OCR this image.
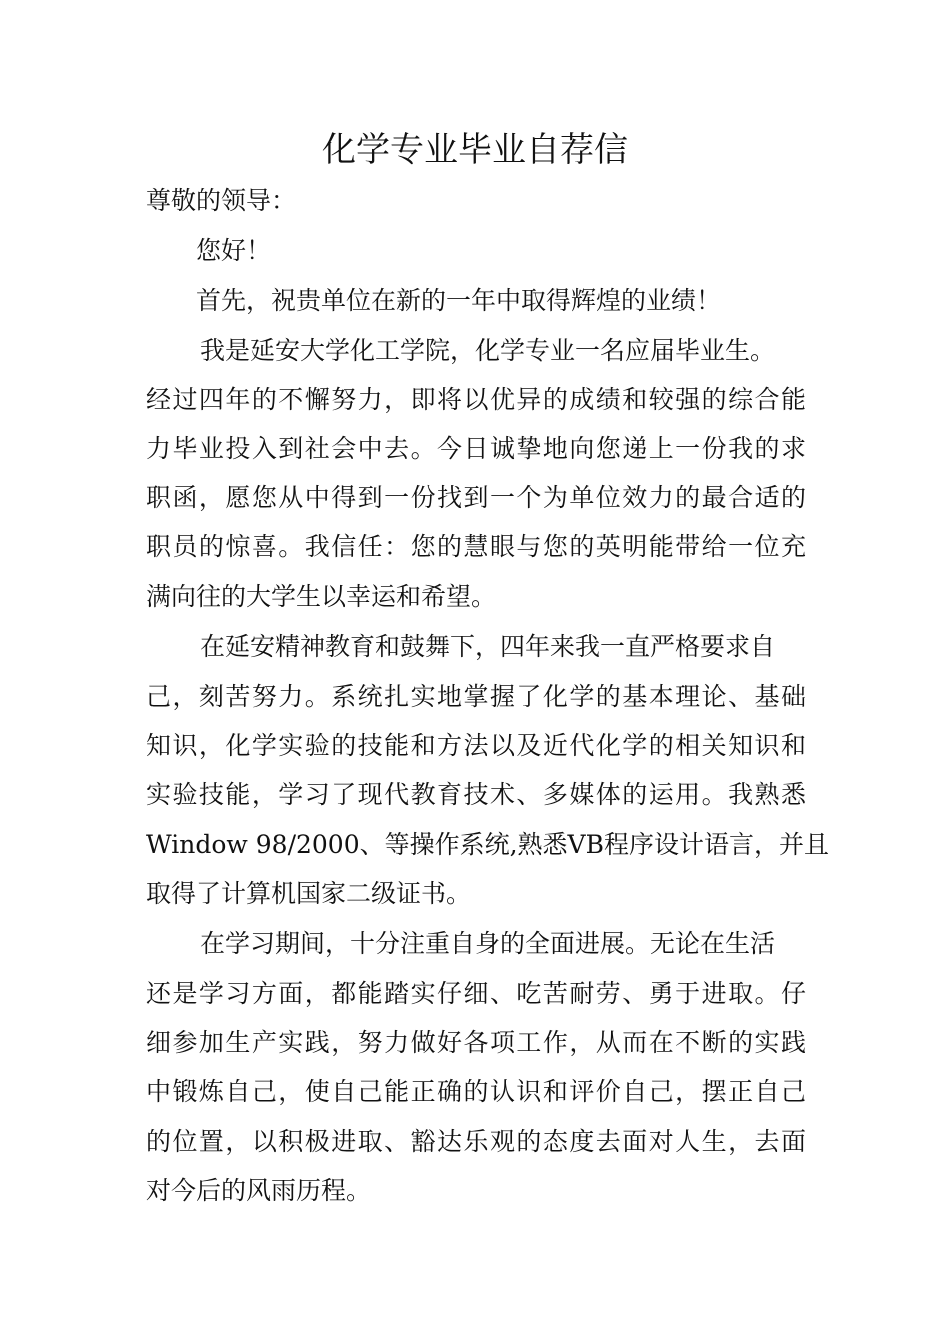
化学专业毕业自荐信

尊敬的领导：

您好！

首先，祝贵单位在新的一年中取得辉煌的业绩！

我是延安大学化工学院，化学专业一名应届毕业生。

经过四年的不懈努力，即将以优异的成绩和较强的综合能

力毕业投入到社会中去。今日诚挚地向您递上一份我的求

职函，愿您从中得到一份找到一个为单位效力的最合适的

职员的惊喜。我信任：您的慧眼与您的英明能带给一位充

满向往的大学生以幸运和希望。

在延安精神教育和鼓舞下，四年来我一直严格要求自

己，刻苦努力。系统扎实地掌握了化学的基本理论、基础

知识，化学实验的技能和方法以及近代化学的相关知识和

实验技能，学习了现代教育技术、多媒体的运用。我熟悉

Window 98/2000、等操作系统,熟悉VB程序设计语言，并且

取得了计算机国家二级证书。

在学习期间，十分注重自身的全面进展。无论在生活

还是学习方面，都能踏实仔细、吃苦耐劳、勇于进取。仔

细参加生产实践，努力做好各项工作，从而在不断的实践

中锻炼自己，使自己能正确的认识和评价自己，摆正自己

的位置，以积极进取、豁达乐观的态度去面对人生，去面

对今后的风雨历程。
